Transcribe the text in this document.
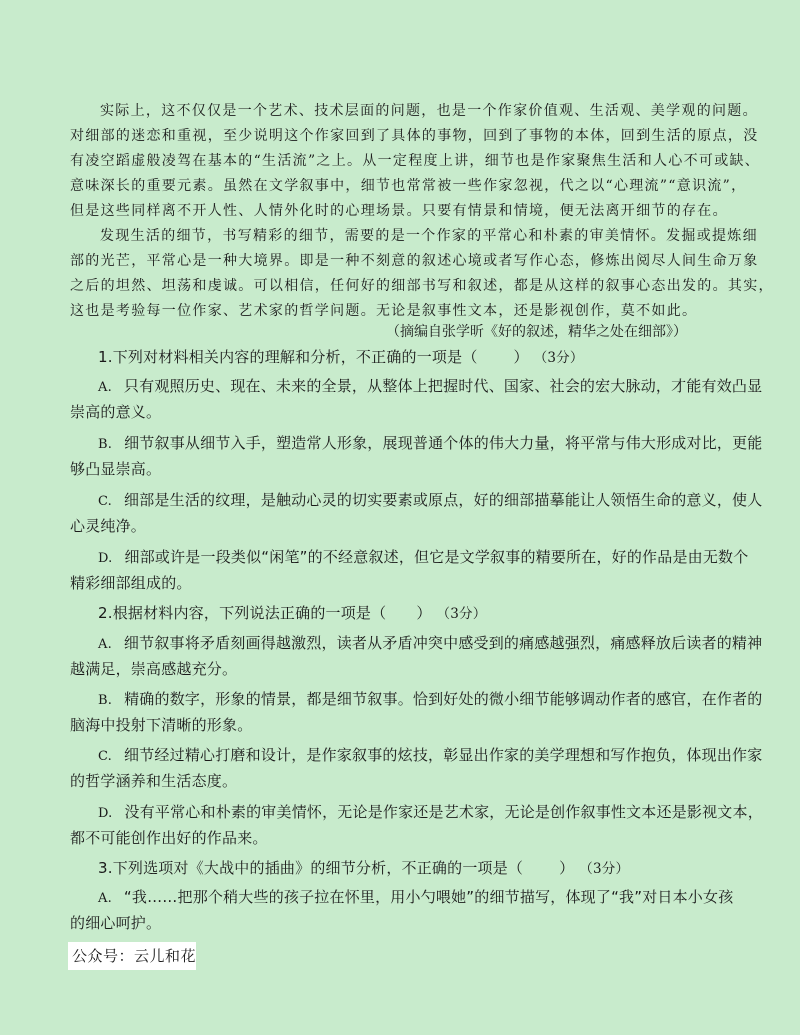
实际上，这不仅仅是一个艺术、技术层面的问题，也是一个作家价值观、生活观、美学观的问题。
对细部的迷恋和重视，至少说明这个作家回到了具体的事物，回到了事物的本体，回到生活的原点，没
有凌空蹈虚般凌驾在基本的“生活流”之上。从一定程度上讲，细节也是作家聚焦生活和人心不可或缺、
意味深长的重要元素。虽然在文学叙事中，细节也常常被一些作家忽视，代之以“心理流”“意识流”，
但是这些同样离不开人性、人情外化时的心理场景。只要有情景和情境，便无法离开细节的存在。
发现生活的细节，书写精彩的细节，需要的是一个作家的平常心和朴素的审美情怀。发掘或提炼细
部的光芒，平常心是一种大境界。即是一种不刻意的叙述心境或者写作心态，修炼出阅尽人间生命万象
之后的坦然、坦荡和虔诚。可以相信，任何好的细部书写和叙述，都是从这样的叙事心态出发的。其实，
这也是考验每一位作家、艺术家的哲学问题。无论是叙事性文本，还是影视创作，莫不如此。
（摘编自张学昕《好的叙述，精华之处在细部》）
1.下列对材料相关内容的理解和分析，不正确的一项是（ ） （3分）
A. 只有观照历史、现在、未来的全景，从整体上把握时代、国家、社会的宏大脉动，才能有效凸显
崇高的意义。
B. 细节叙事从细节入手，塑造常人形象，展现普通个体的伟大力量，将平常与伟大形成对比，更能
够凸显崇高。
C. 细部是生活的纹理，是触动心灵的切实要素或原点，好的细部描摹能让人领悟生命的意义，使人
心灵纯净。
D. 细部或许是一段类似“闲笔”的不经意叙述，但它是文学叙事的精要所在，好的作品是由无数个
精彩细部组成的。
2.根据材料内容，下列说法正确的一项是（ ） （3分）
A. 细节叙事将矛盾刻画得越激烈，读者从矛盾冲突中感受到的痛感越强烈，痛感释放后读者的精神
越满足，崇高感越充分。
B. 精确的数字，形象的情景，都是细节叙事。恰到好处的微小细节能够调动作者的感官，在作者的
脑海中投射下清晰的形象。
C. 细节经过精心打磨和设计，是作家叙事的炫技，彰显出作家的美学理想和写作抱负，体现出作家
的哲学涵养和生活态度。
D. 没有平常心和朴素的审美情怀，无论是作家还是艺术家，无论是创作叙事性文本还是影视文本，
都不可能创作出好的作品来。
3.下列选项对《大战中的插曲》的细节分析，不正确的一项是（ ） （3分）
A. “我……把那个稍大些的孩子拉在怀里，用小勺喂她”的细节描写，体现了“我”对日本小女孩
的细心呵护。
公众号：云儿和花
